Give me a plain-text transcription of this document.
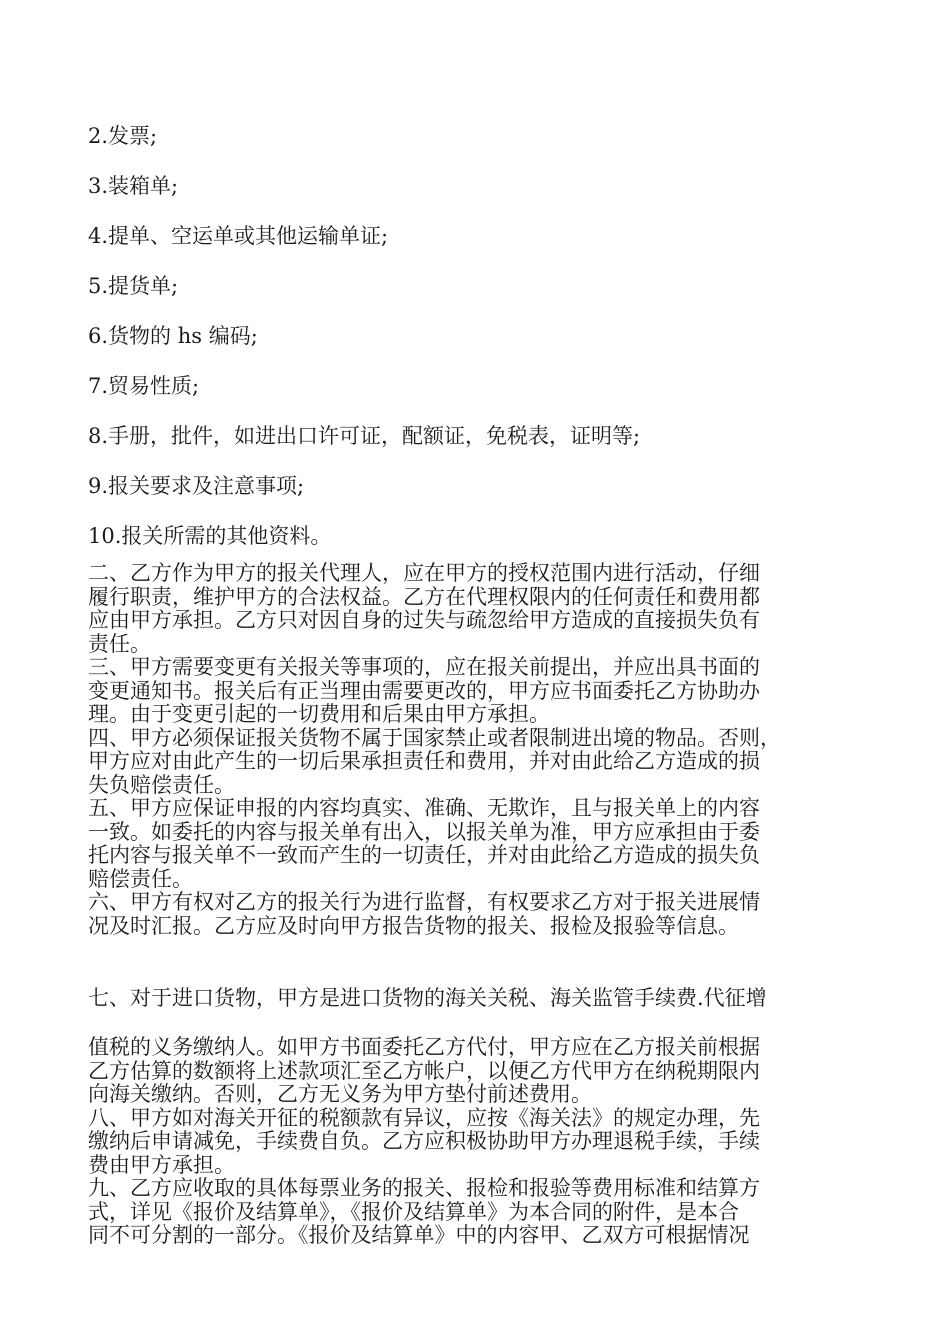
2.发票;
3.装箱单;
4.提单、空运单或其他运输单证;
5.提货单;
6.货物的 hs 编码;
7.贸易性质;
8.手册，批件，如进出口许可证，配额证，免税表，证明等;
9.报关要求及注意事项;
10.报关所需的其他资料。
二、乙方作为甲方的报关代理人，应在甲方的授权范围内进行活动，仔细
履行职责，维护甲方的合法权益。乙方在代理权限内的任何责任和费用都
应由甲方承担。乙方只对因自身的过失与疏忽给甲方造成的直接损失负有
责任。
三、甲方需要变更有关报关等事项的，应在报关前提出，并应出具书面的
变更通知书。报关后有正当理由需要更改的，甲方应书面委托乙方协助办
理。由于变更引起的一切费用和后果由甲方承担。
四、甲方必须保证报关货物不属于国家禁止或者限制进出境的物品。否则，
甲方应对由此产生的一切后果承担责任和费用，并对由此给乙方造成的损
失负赔偿责任。
五、甲方应保证申报的内容均真实、准确、无欺诈，且与报关单上的内容
一致。如委托的内容与报关单有出入，以报关单为准，甲方应承担由于委
托内容与报关单不一致而产生的一切责任，并对由此给乙方造成的损失负
赔偿责任。
六、甲方有权对乙方的报关行为进行监督，有权要求乙方对于报关进展情
况及时汇报。乙方应及时向甲方报告货物的报关、报检及报验等信息。
七、对于进口货物，甲方是进口货物的海关关税、海关监管手续费.代征增
值税的义务缴纳人。如甲方书面委托乙方代付，甲方应在乙方报关前根据
乙方估算的数额将上述款项汇至乙方帐户，以便乙方代甲方在纳税期限内
向海关缴纳。否则，乙方无义务为甲方垫付前述费用。
八、甲方如对海关开征的税额款有异议，应按《海关法》的规定办理，先
缴纳后申请减免，手续费自负。乙方应积极协助甲方办理退税手续，手续
费由甲方承担。
九、乙方应收取的具体每票业务的报关、报检和报验等费用标准和结算方
式，详见《报价及结算单》，《报价及结算单》为本合同的附件，是本合
同不可分割的一部分。《报价及结算单》中的内容甲、乙双方可根据情况
